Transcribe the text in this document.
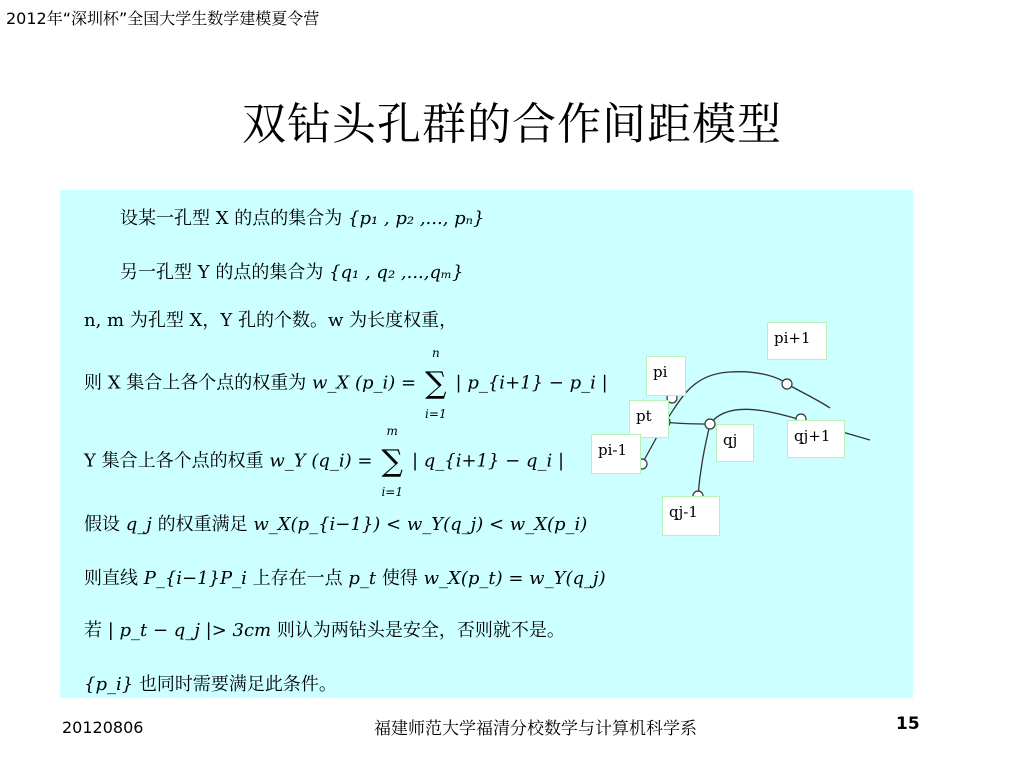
2012年“深圳杯”全国大学生数学建模夏令营
双钻头孔群的合作间距模型
设某一孔型 X 的点的集合为 {p₁ , p₂ ,..., pₙ}
另一孔型 Y 的点的集合为 {q₁ , q₂ ,...,qₘ}
n, m 为孔型 X，Y 孔的个数。w 为长度权重，
则 X 集合上各个点的权重为 w_X (p_i) = ∑
n
i=1
| p_{i+1} − p_i |
Y 集合上各个点的权重 w_Y (q_i) = ∑
m
i=1
| q_{i+1} − q_i |
假设 q_j 的权重满足 w_X(p_{i−1}) < w_Y(q_j) < w_X(p_i)
则直线 P_{i−1}P_i 上存在一点 p_t 使得 w_X(p_t) = w_Y(q_j)
若 | p_t − q_j |> 3cm 则认为两钻头是安全，否则就不是。
{p_i} 也同时需要满足此条件。
pi+1
pi
pt
qj	qj+1
pi-1
qj-1
20120806	福建师范大学福清分校数学与计算机科学系	15
